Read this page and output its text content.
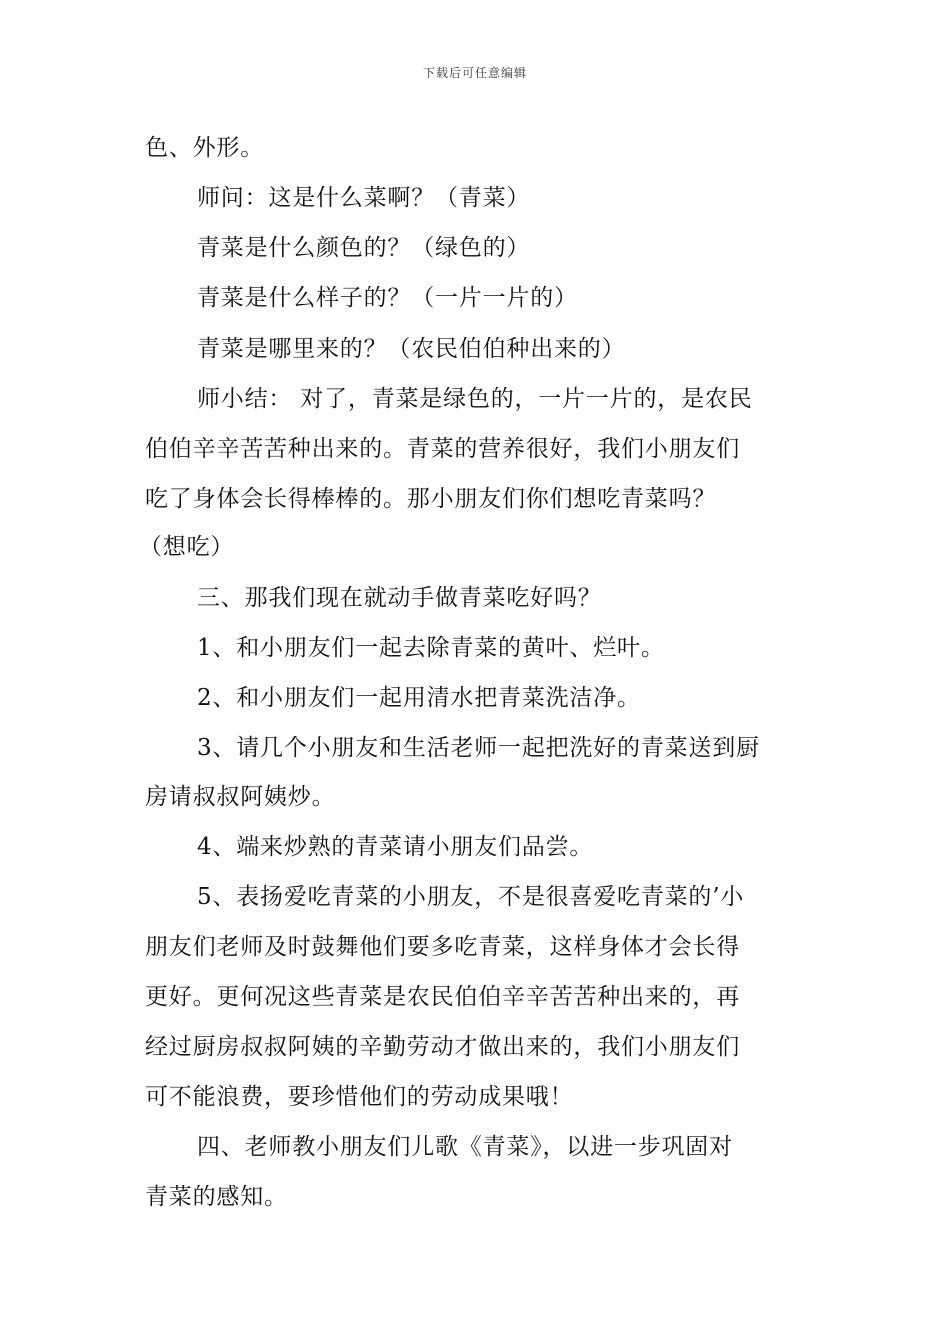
下载后可任意编辑
色、外形。
师问：这是什么菜啊？（青菜）
青菜是什么颜色的？（绿色的）
青菜是什么样子的？（一片一片的）
青菜是哪里来的？（农民伯伯种出来的）
师小结： 对了，青菜是绿色的，一片一片的，是农民
伯伯辛辛苦苦种出来的。青菜的营养很好，我们小朋友们
吃了身体会长得棒棒的。那小朋友们你们想吃青菜吗？
（想吃）
三、那我们现在就动手做青菜吃好吗？
1、和小朋友们一起去除青菜的黄叶、烂叶。
2、和小朋友们一起用清水把青菜洗洁净。
3、请几个小朋友和生活老师一起把洗好的青菜送到厨
房请叔叔阿姨炒。
4、端来炒熟的青菜请小朋友们品尝。
5、表扬爱吃青菜的小朋友，不是很喜爱吃青菜的’小
朋友们老师及时鼓舞他们要多吃青菜，这样身体才会长得
更好。更何况这些青菜是农民伯伯辛辛苦苦种出来的，再
经过厨房叔叔阿姨的辛勤劳动才做出来的，我们小朋友们
可不能浪费，要珍惜他们的劳动成果哦！
四、老师教小朋友们儿歌《青菜》，以进一步巩固对
青菜的感知。
